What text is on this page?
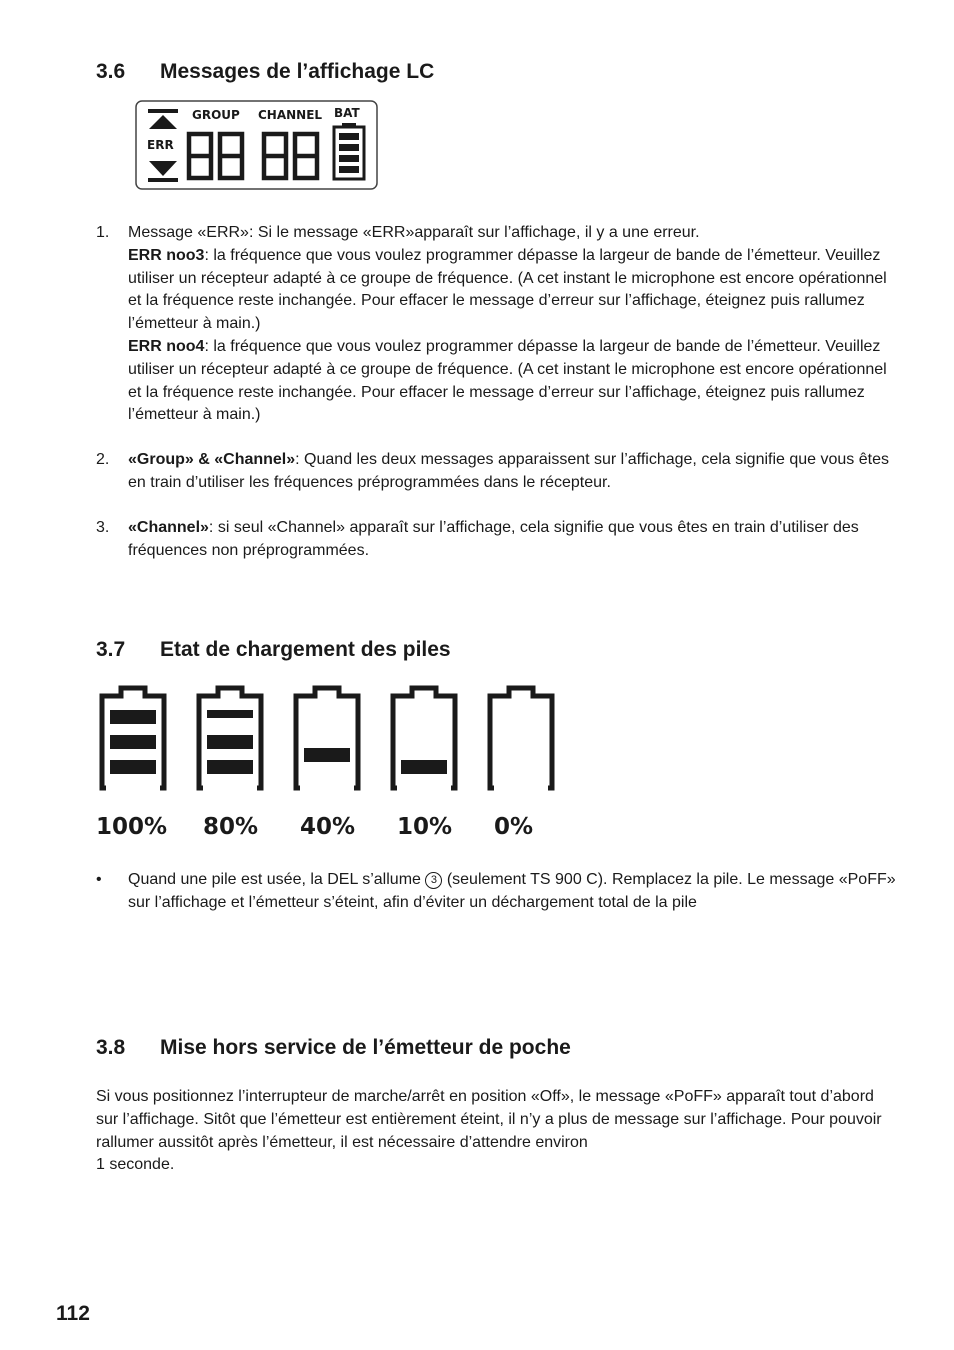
3.6 Messages de l’affichage LC
ERR
GROUP CHANNEL BAT
1. Message «ERR»: Si le message «ERR»apparaît sur l’affichage, il y a une erreur.
ERR noo3: la fréquence que vous voulez programmer dépasse la largeur de bande de l’émetteur. Veuillez utiliser un récepteur adapté à ce groupe de fréquence. (A cet instant le microphone est encore opérationnel et la fréquence reste inchangée. Pour effacer le message d’erreur sur l’affichage, éteignez puis rallumez l’émetteur à main.)
ERR noo4: la fréquence que vous voulez programmer dépasse la largeur de bande de l’émetteur. Veuillez utiliser un récepteur adapté à ce groupe de fréquence. (A cet instant le microphone est encore opérationnel et la fréquence reste inchangée. Pour effacer le message d’erreur sur l’affichage, éteignez puis rallumez l’émetteur à main.)
2. «Group» & «Channel»: Quand les deux messages apparaissent sur l’affichage, cela signifie que vous êtes en train d’utiliser les fréquences préprogrammées dans le récepteur.
3. «Channel»: si seul «Channel» apparaît sur l’affichage, cela signifie que vous êtes en train d’utiliser des fréquences non préprogrammées.
3.7 Etat de chargement des piles
100% 80% 40% 10% 0%
• Quand une pile est usée, la DEL s’allume 3 (seulement TS 900 C). Remplacez la pile. Le message «PoFF» sur l’affichage et l’émetteur s’éteint, afin d’éviter un déchargement total de la pile
3.8 Mise hors service de l’émetteur de poche
Si vous positionnez l’interrupteur de marche/arrêt en position «Off», le message «PoFF» apparaît tout d’abord sur l’affichage. Sitôt que l’émetteur est entièrement éteint, il n’y a plus de message sur l’affichage. Pour pouvoir rallumer aussitôt après l’émetteur, il est nécessaire d’attendre environ
1 seconde.
112
